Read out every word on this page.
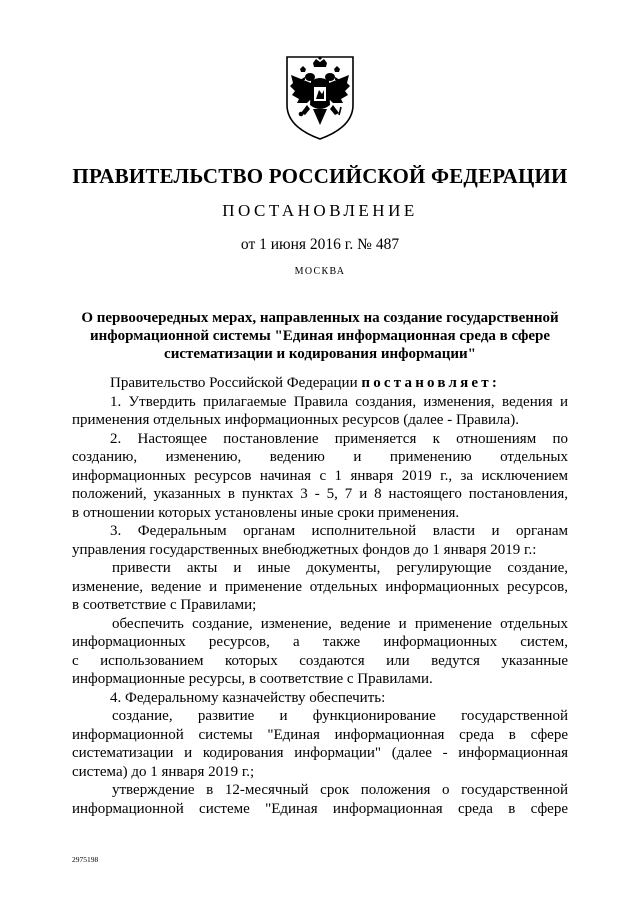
ПРАВИТЕЛЬСТВО РОССИЙСКОЙ ФЕДЕРАЦИИ
ПОСТАНОВЛЕНИЕ
от 1 июня 2016 г. № 487
МОСКВА
О первоочередных мерах, направленных на создание государственной
информационной системы "Единая информационная среда в сфере
систематизации и кодирования информации"
Правительство Российской Федерации постановляет:
1. Утвердить прилагаемые Правила создания, изменения, ведения и
применения отдельных информационных ресурсов (далее - Правила).
2. Настоящее постановление применяется к отношениям по
созданию, изменению, ведению и применению отдельных
информационных ресурсов начиная с 1 января 2019 г., за исключением
положений, указанных в пунктах 3 - 5, 7 и 8 настоящего постановления,
в отношении которых установлены иные сроки применения.
3. Федеральным органам исполнительной власти и органам
управления государственных внебюджетных фондов до 1 января 2019 г.:
привести акты и иные документы, регулирующие создание,
изменение, ведение и применение отдельных информационных ресурсов,
в соответствие с Правилами;
обеспечить создание, изменение, ведение и применение отдельных
информационных ресурсов, а также информационных систем,
с использованием которых создаются или ведутся указанные
информационные ресурсы, в соответствие с Правилами.
4. Федеральному казначейству обеспечить:
создание, развитие и функционирование государственной
информационной системы "Единая информационная среда в сфере
систематизации и кодирования информации" (далее - информационная
система) до 1 января 2019 г.;
утверждение в 12-месячный срок положения о государственной
информационной системе "Единая информационная среда в сфере
2975198
